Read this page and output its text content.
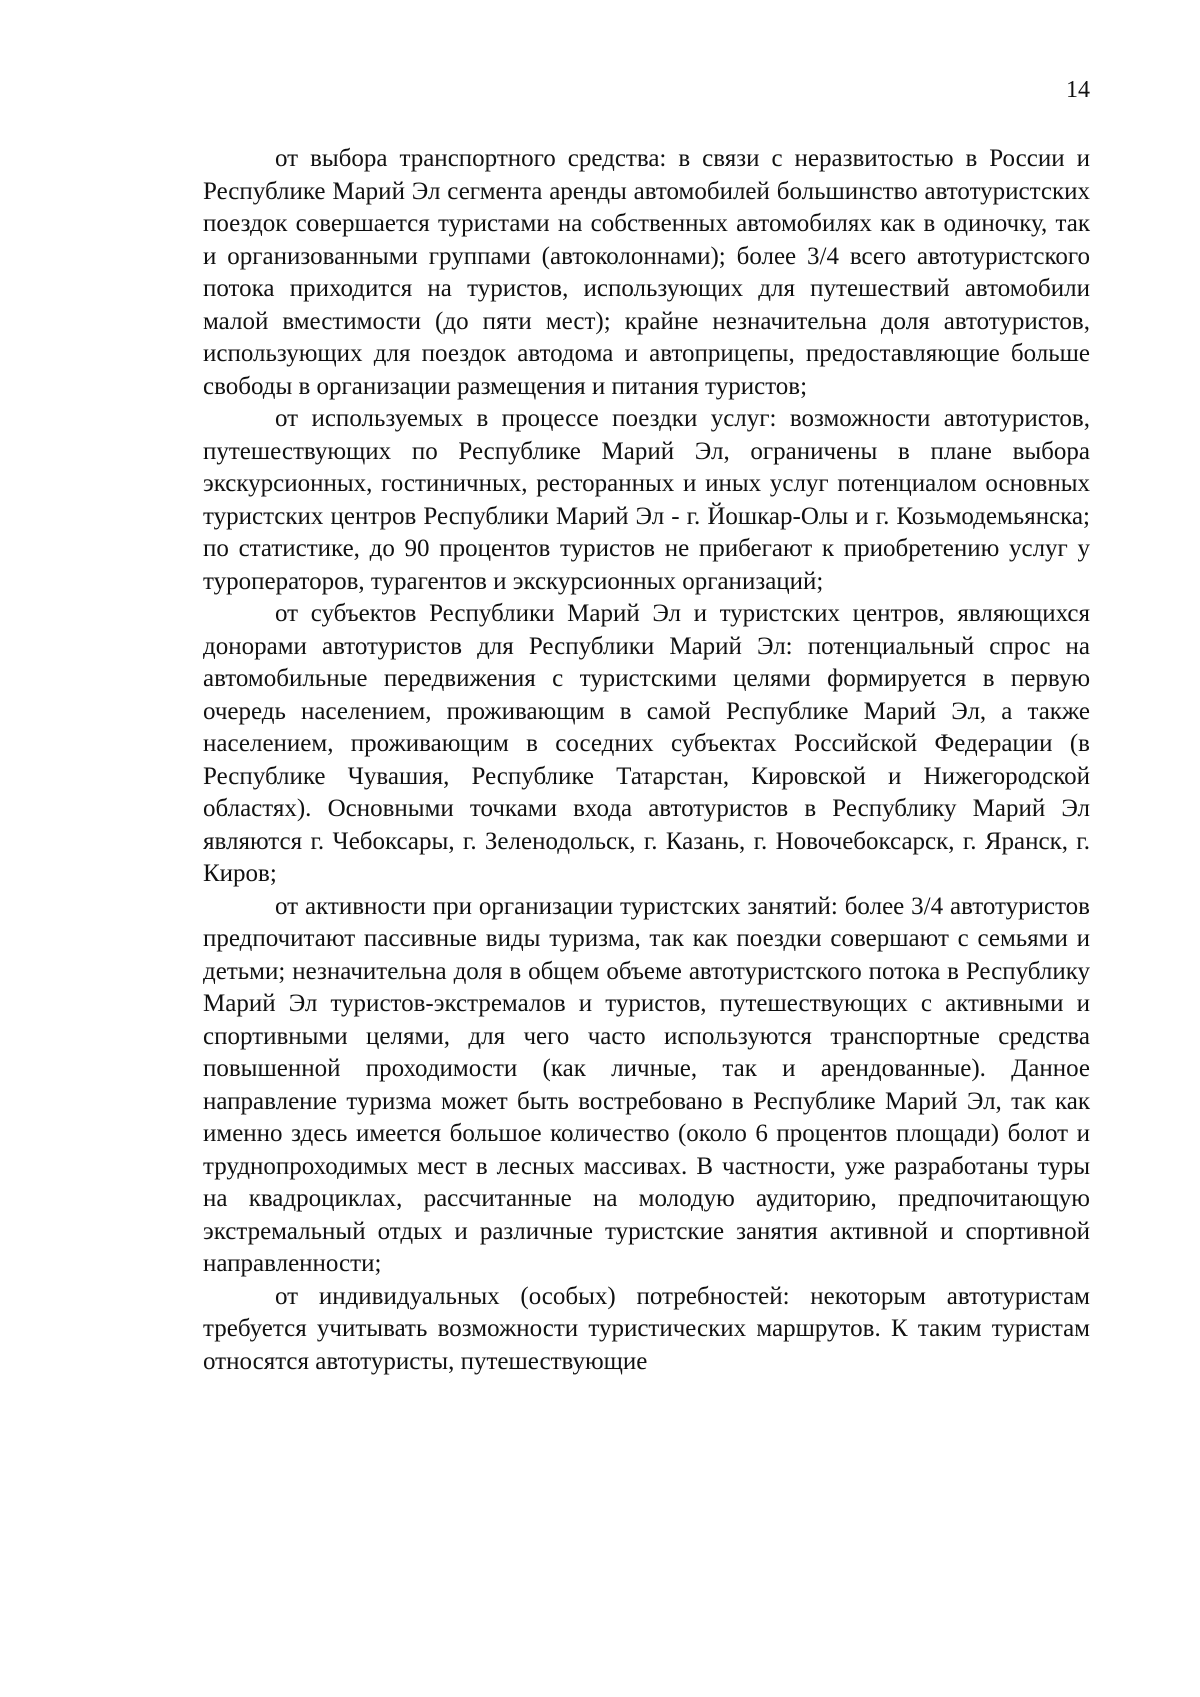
14

от выбора транспортного средства: в связи с неразвитостью в России и Республике Марий Эл сегмента аренды автомобилей большинство автотуристских поездок совершается туристами на собственных автомобилях как в одиночку, так и организованными группами (автоколоннами); более 3/4 всего автотуристского потока приходится на туристов, использующих для путешествий автомобили малой вместимости (до пяти мест); крайне незначительна доля автотуристов, использующих для поездок автодома и автоприцепы, предоставляющие больше свободы в организации размещения и питания туристов;

от используемых в процессе поездки услуг: возможности автотуристов, путешествующих по Республике Марий Эл, ограничены в плане выбора экскурсионных, гостиничных, ресторанных и иных услуг потенциалом основных туристских центров Республики Марий Эл - г. Йошкар-Олы и г. Козьмодемьянска; по статистике, до 90 процентов туристов не прибегают к приобретению услуг у туроператоров, турагентов и экскурсионных организаций;

от субъектов Республики Марий Эл и туристских центров, являющихся донорами автотуристов для Республики Марий Эл: потенциальный спрос на автомобильные передвижения с туристскими целями формируется в первую очередь населением, проживающим в самой Республике Марий Эл, а также населением, проживающим в соседних субъектах Российской Федерации (в Республике Чувашия, Республике Татарстан, Кировской и Нижегородской областях). Основными точками входа автотуристов в Республику Марий Эл являются г. Чебоксары, г. Зеленодольск, г. Казань, г. Новочебоксарск, г. Яранск, г. Киров;

от активности при организации туристских занятий: более 3/4 автотуристов предпочитают пассивные виды туризма, так как поездки совершают с семьями и детьми; незначительна доля в общем объеме автотуристского потока в Республику Марий Эл туристов-экстремалов и туристов, путешествующих с активными и спортивными целями, для чего часто используются транспортные средства повышенной проходимости (как личные, так и арендованные). Данное направление туризма может быть востребовано в Республике Марий Эл, так как именно здесь имеется большое количество (около 6 процентов площади) болот и труднопроходимых мест в лесных массивах. В частности, уже разработаны туры на квадроциклах, рассчитанные на молодую аудиторию, предпочитающую экстремальный отдых и различные туристские занятия активной и спортивной направленности;

от индивидуальных (особых) потребностей: некоторым автотуристам требуется учитывать возможности туристических маршрутов. К таким туристам относятся автотуристы, путешествующие
